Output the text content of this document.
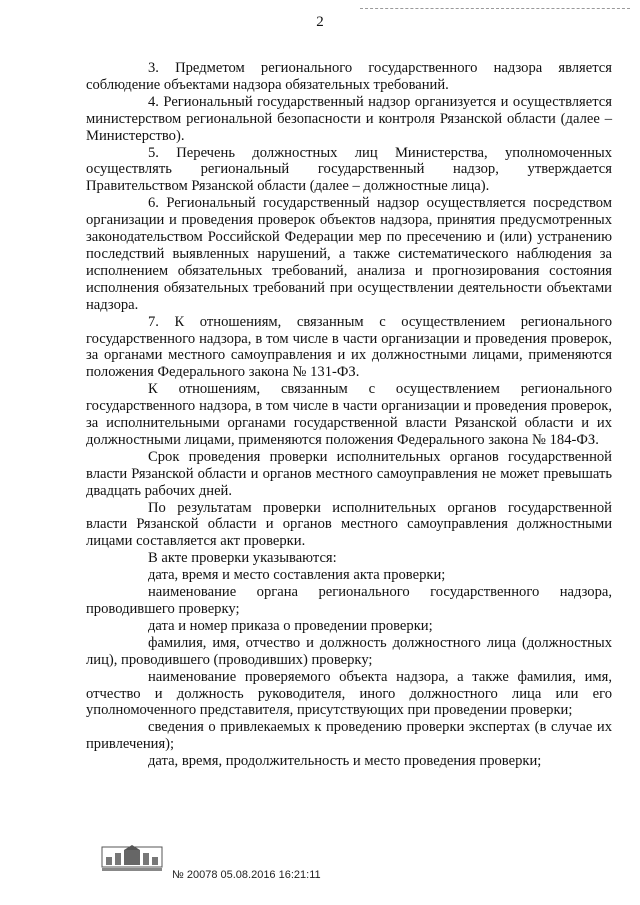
2

3. Предметом регионального государственного надзора является соблюдение объектами надзора обязательных требований.

4. Региональный государственный надзор организуется и осуществляется министерством региональной безопасности и контроля Рязанской области (далее – Министерство).

5. Перечень должностных лиц Министерства, уполномоченных осуществлять региональный государственный надзор, утверждается Правительством Рязанской области (далее – должностные лица).

6. Региональный государственный надзор осуществляется посредством организации и проведения проверок объектов надзора, принятия предусмотренных законодательством Российской Федерации мер по пресечению и (или) устранению последствий выявленных нарушений, а также систематического наблюдения за исполнением обязательных требований, анализа и прогнозирования состояния исполнения обязательных требований при осуществлении деятельности объектами надзора.

7. К отношениям, связанным с осуществлением регионального государственного надзора, в том числе в части организации и проведения проверок, за органами местного самоуправления и их должностными лицами, применяются положения Федерального закона № 131-ФЗ.

К отношениям, связанным с осуществлением регионального государственного надзора, в том числе в части организации и проведения проверок, за исполнительными органами государственной власти Рязанской области и их должностными лицами, применяются положения Федерального закона № 184-ФЗ.

Срок проведения проверки исполнительных органов государственной власти Рязанской области и органов местного самоуправления не может превышать двадцать рабочих дней.

По результатам проверки исполнительных органов государственной власти Рязанской области и органов местного самоуправления должностными лицами составляется акт проверки.

В акте проверки указываются:

дата, время и место составления акта проверки;

наименование органа регионального государственного надзора, проводившего проверку;

дата и номер приказа о проведении проверки;

фамилия, имя, отчество и должность должностного лица (должностных лиц), проводившего (проводивших) проверку;

наименование проверяемого объекта надзора, а также фамилия, имя, отчество и должность руководителя, иного должностного лица или его уполномоченного представителя, присутствующих при проведении проверки;

сведения о привлекаемых к проведению проверки экспертах (в случае их привлечения);

дата, время, продолжительность и место проведения проверки;

№ 20078 05.08.2016 16:21:11
